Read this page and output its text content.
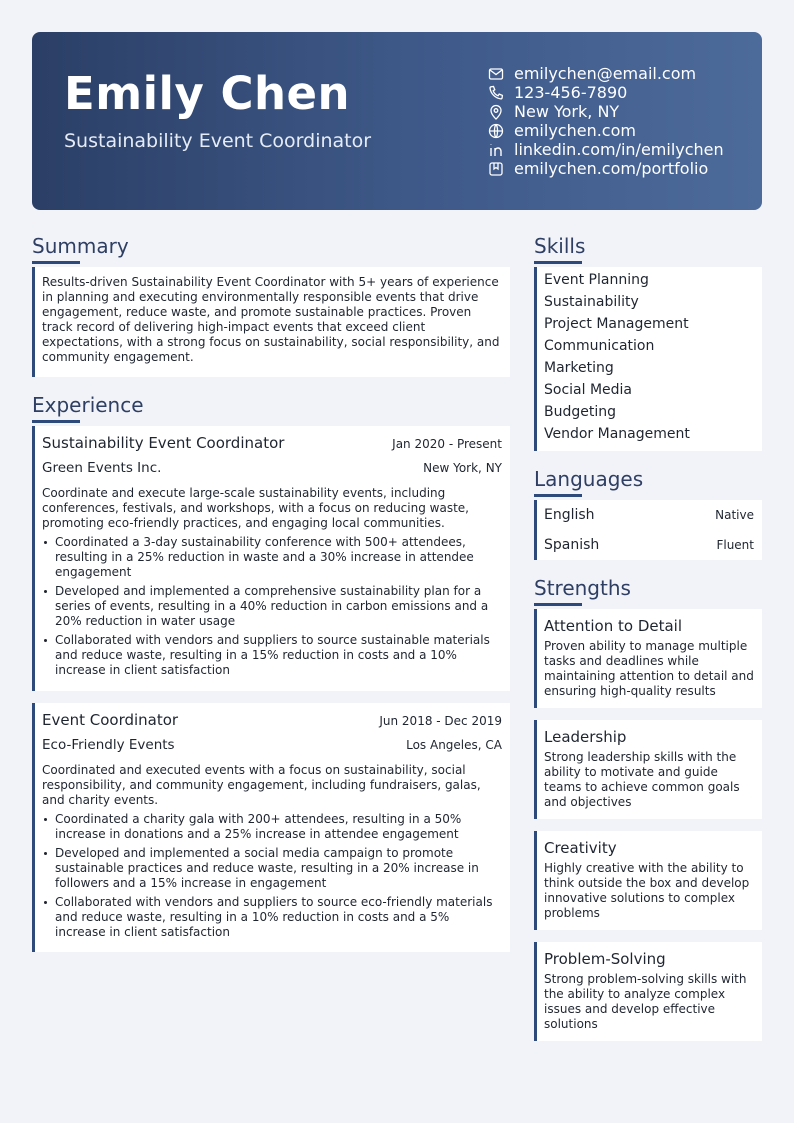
Emily Chen
Sustainability Event Coordinator
emilychen@email.com
123-456-7890
New York, NY
emilychen.com
linkedin.com/in/emilychen
emilychen.com/portfolio
Summary
Results-driven Sustainability Event Coordinator with 5+ years of experience in planning and executing environmentally responsible events that drive engagement, reduce waste, and promote sustainable practices. Proven track record of delivering high-impact events that exceed client expectations, with a strong focus on sustainability, social responsibility, and community engagement.
Experience
Sustainability Event Coordinator	Jan 2020 - Present
Green Events Inc.	New York, NY
Coordinate and execute large-scale sustainability events, including conferences, festivals, and workshops, with a focus on reducing waste, promoting eco-friendly practices, and engaging local communities.
Coordinated a 3-day sustainability conference with 500+ attendees, resulting in a 25% reduction in waste and a 30% increase in attendee engagement
Developed and implemented a comprehensive sustainability plan for a series of events, resulting in a 40% reduction in carbon emissions and a 20% reduction in water usage
Collaborated with vendors and suppliers to source sustainable materials and reduce waste, resulting in a 15% reduction in costs and a 10% increase in client satisfaction
Event Coordinator	Jun 2018 - Dec 2019
Eco-Friendly Events	Los Angeles, CA
Coordinated and executed events with a focus on sustainability, social responsibility, and community engagement, including fundraisers, galas, and charity events.
Coordinated a charity gala with 200+ attendees, resulting in a 50% increase in donations and a 25% increase in attendee engagement
Developed and implemented a social media campaign to promote sustainable practices and reduce waste, resulting in a 20% increase in followers and a 15% increase in engagement
Collaborated with vendors and suppliers to source eco-friendly materials and reduce waste, resulting in a 10% reduction in costs and a 5% increase in client satisfaction
Skills
Event Planning
Sustainability
Project Management
Communication
Marketing
Social Media
Budgeting
Vendor Management
Languages
English	Native
Spanish	Fluent
Strengths
Attention to Detail
Proven ability to manage multiple tasks and deadlines while maintaining attention to detail and ensuring high-quality results
Leadership
Strong leadership skills with the ability to motivate and guide teams to achieve common goals and objectives
Creativity
Highly creative with the ability to think outside the box and develop innovative solutions to complex problems
Problem-Solving
Strong problem-solving skills with the ability to analyze complex issues and develop effective solutions
